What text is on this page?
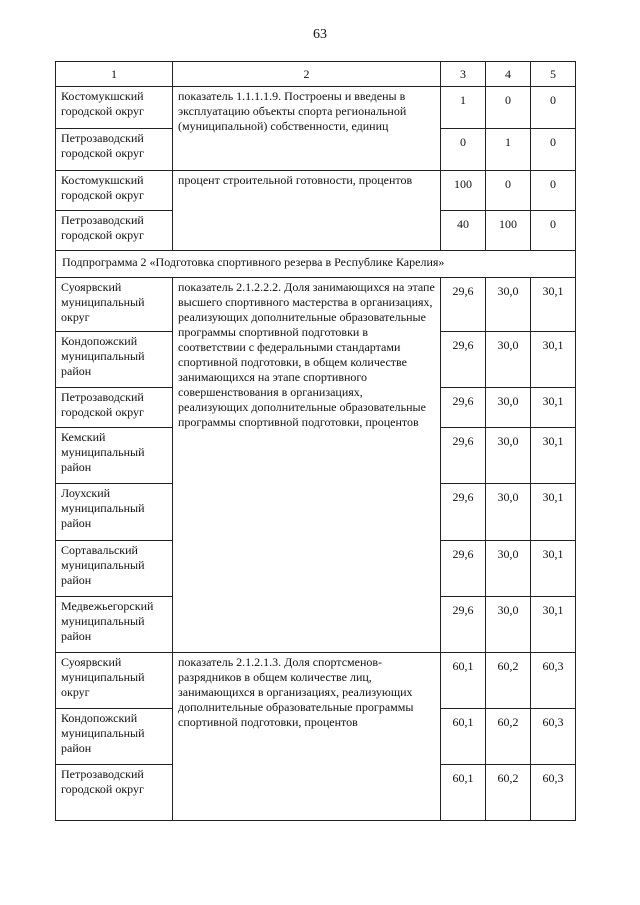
63
1	2	3	4	5
Костомукшский городской округ	показатель 1.1.1.1.9. Построены и введены в эксплуатацию объекты спорта региональной (муниципальной) собственности, единиц	1	0	0
Петрозаводский городской округ		0	1	0
Костомукшский городской округ	процент строительной готовности, процентов	100	0	0
Петрозаводский городской округ		40	100	0
Подпрограмма 2 «Подготовка спортивного резерва в Республике Карелия»				
Суоярвский муниципальный округ	показатель 2.1.2.2.2. Доля занимающихся на этапе высшего спортивного мастерства в организациях, реализующих дополнительные образовательные программы спортивной подготовки в соответствии с федеральными стандартами спортивной подготовки, в общем количестве занимающихся на этапе спортивного совершенствования в организациях, реализующих дополнительные образовательные программы спортивной подготовки, процентов	29,6	30,0	30,1
Кондопожский муниципальный район		29,6	30,0	30,1
Петрозаводский городской округ		29,6	30,0	30,1
Кемский муниципальный район		29,6	30,0	30,1
Лоухский муниципальный район		29,6	30,0	30,1
Сортавальский муниципальный район		29,6	30,0	30,1
Медвежьегорский муниципальный район		29,6	30,0	30,1
Суоярвский муниципальный округ	показатель 2.1.2.1.3. Доля спортсменов-разрядников в общем количестве лиц, занимающихся в организациях, реализующих дополнительные образовательные программы спортивной подготовки, процентов	60,1	60,2	60,3
Кондопожский муниципальный район		60,1	60,2	60,3
Петрозаводский городской округ		60,1	60,2	60,3
